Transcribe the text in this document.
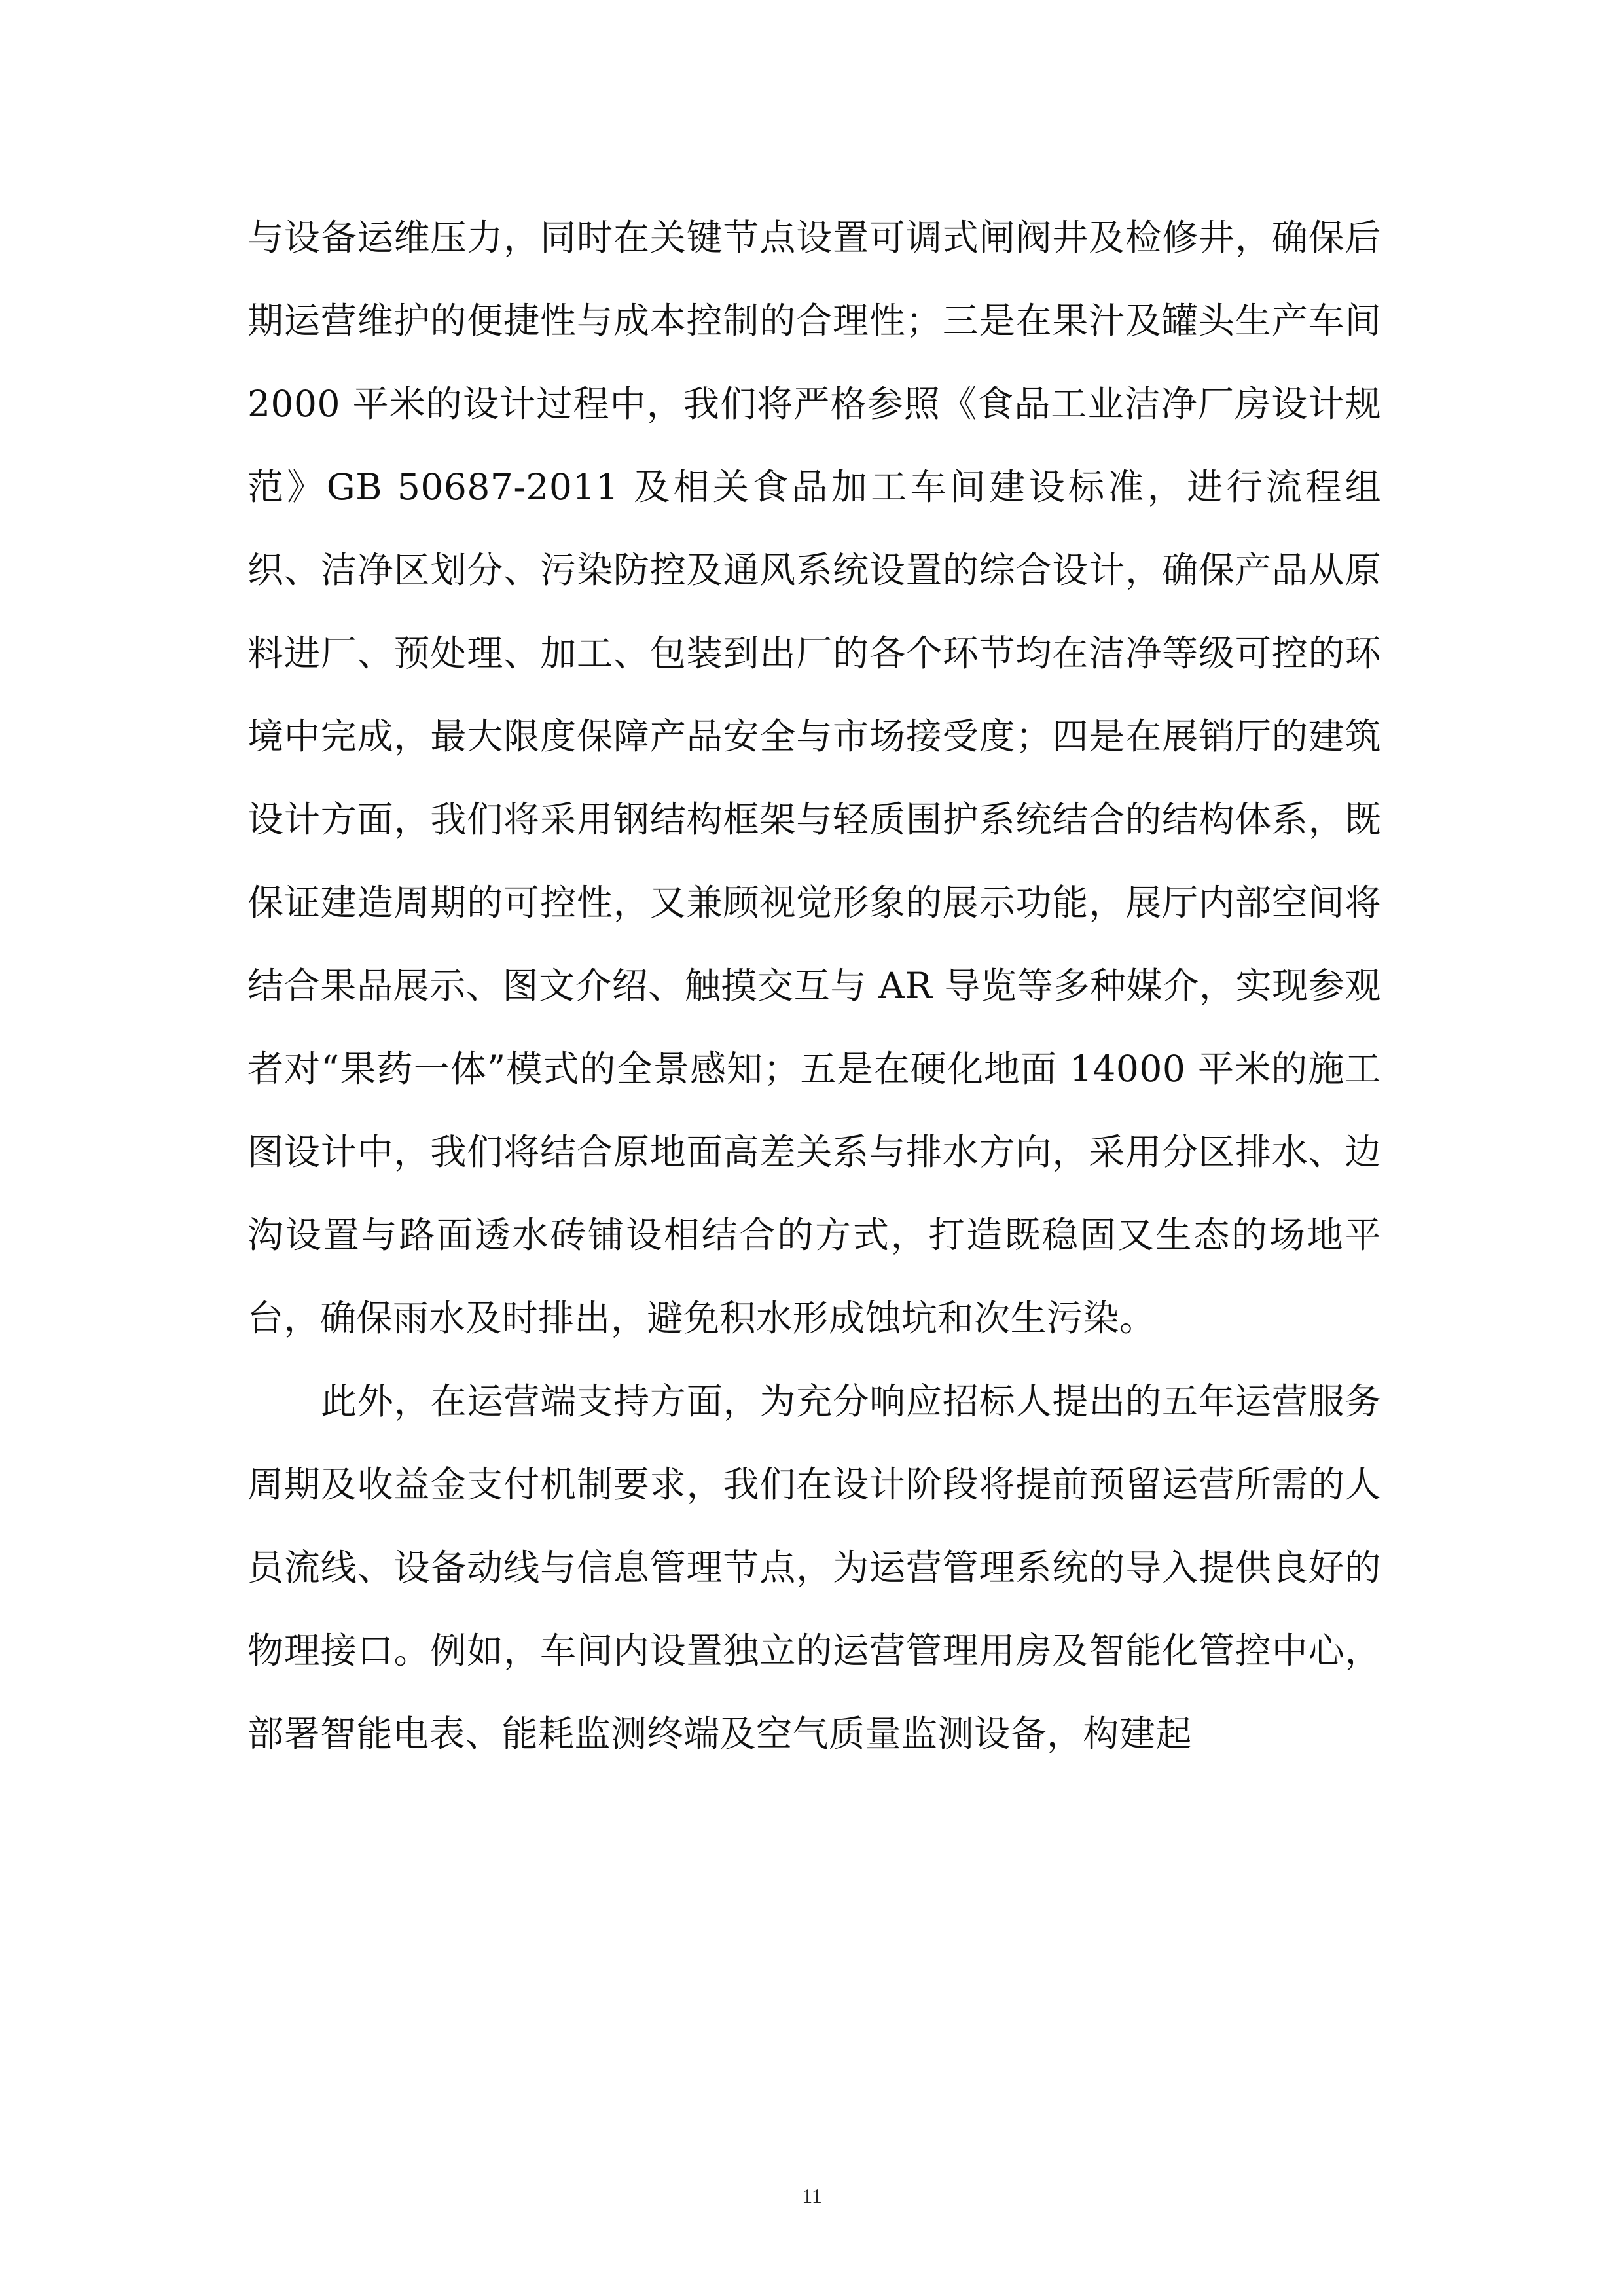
与设备运维压力，同时在关键节点设置可调式闸阀井及检修井，确保后期运营维护的便捷性与成本控制的合理性；三是在果汁及罐头生产车间 2000 平米的设计过程中，我们将严格参照《食品工业洁净厂房设计规范》GB 50687-2011 及相关食品加工车间建设标准，进行流程组织、洁净区划分、污染防控及通风系统设置的综合设计，确保产品从原料进厂、预处理、加工、包装到出厂的各个环节均在洁净等级可控的环境中完成，最大限度保障产品安全与市场接受度；四是在展销厅的建筑设计方面，我们将采用钢结构框架与轻质围护系统结合的结构体系，既保证建造周期的可控性，又兼顾视觉形象的展示功能，展厅内部空间将结合果品展示、图文介绍、触摸交互与 AR 导览等多种媒介，实现参观者对“果药一体”模式的全景感知；五是在硬化地面 14000 平米的施工图设计中，我们将结合原地面高差关系与排水方向，采用分区排水、边沟设置与路面透水砖铺设相结合的方式，打造既稳固又生态的场地平台，确保雨水及时排出，避免积水形成蚀坑和次生污染。

此外，在运营端支持方面，为充分响应招标人提出的五年运营服务周期及收益金支付机制要求，我们在设计阶段将提前预留运营所需的人员流线、设备动线与信息管理节点，为运营管理系统的导入提供良好的物理接口。例如，车间内设置独立的运营管理用房及智能化管控中心，部署智能电表、能耗监测终端及空气质量监测设备，构建起

11
